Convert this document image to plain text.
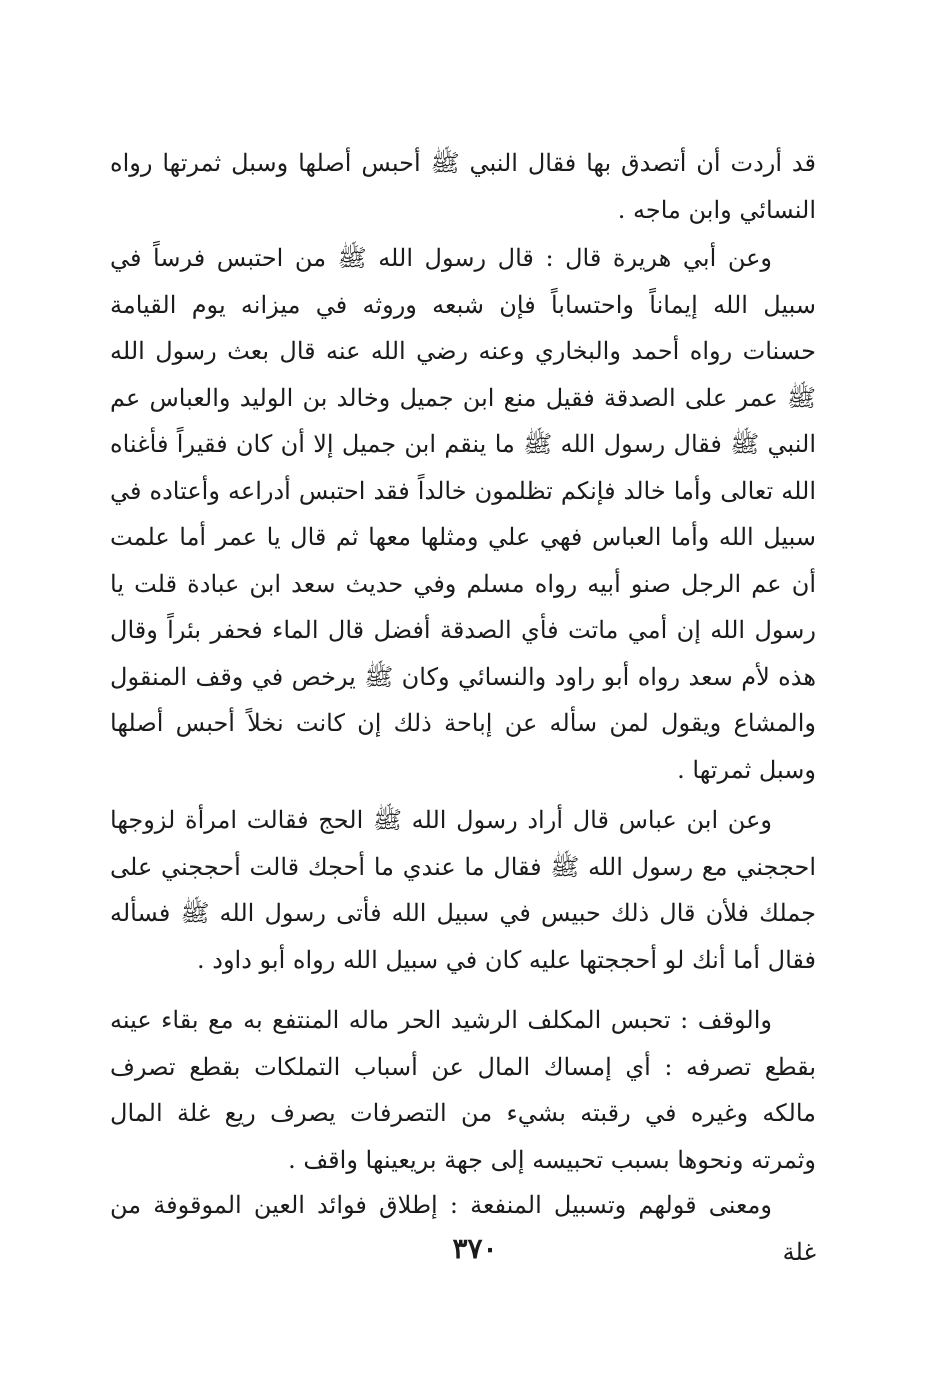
قد أردت أن أتصدق بها فقال النبي ﷺ أحبس أصلها وسبل ثمرتها رواه النسائي وابن ماجه .

وعن أبي هريرة قال : قال رسول الله ﷺ من احتبس فرساً في سبيل الله إيماناً واحتساباً فإن شبعه وروثه في ميزانه يوم القيامة حسنات رواه أحمد والبخاري وعنه رضي الله عنه قال بعث رسول الله ﷺ عمر على الصدقة فقيل منع ابن جميل وخالد بن الوليد والعباس عم النبي ﷺ فقال رسول الله ﷺ ما ينقم ابن جميل إلا أن كان فقيراً فأغناه الله تعالى وأما خالد فإنكم تظلمون خالداً فقد احتبس أدراعه وأعتاده في سبيل الله وأما العباس فهي علي ومثلها معها ثم قال يا عمر أما علمت أن عم الرجل صنو أبيه رواه مسلم وفي حديث سعد ابن عبادة قلت يا رسول الله إن أمي ماتت فأي الصدقة أفضل قال الماء فحفر بئراً وقال هذه لأم سعد رواه أبو راود والنسائي وكان ﷺ يرخص في وقف المنقول والمشاع ويقول لمن سأله عن إباحة ذلك إن كانت نخلاً أحبس أصلها وسبل ثمرتها .

وعن ابن عباس قال أراد رسول الله ﷺ الحج فقالت امرأة لزوجها احججني مع رسول الله ﷺ فقال ما عندي ما أحجك قالت أحججني على جملك فلأن قال ذلك حبيس في سبيل الله فأتى رسول الله ﷺ فسأله فقال أما أنك لو أحججتها عليه كان في سبيل الله رواه أبو داود .

والوقف : تحبس المكلف الرشيد الحر ماله المنتفع به مع بقاء عينه بقطع تصرفه : أي إمساك المال عن أسباب التملكات بقطع تصرف مالكه وغيره في رقبته بشيء من التصرفات يصرف ريع غلة المال وثمرته ونحوها بسبب تحبيسه إلى جهة بريعينها واقف .

ومعنى قولهم وتسبيل المنفعة : إطلاق فوائد العين الموقوفة من غلة

٣٧٠
